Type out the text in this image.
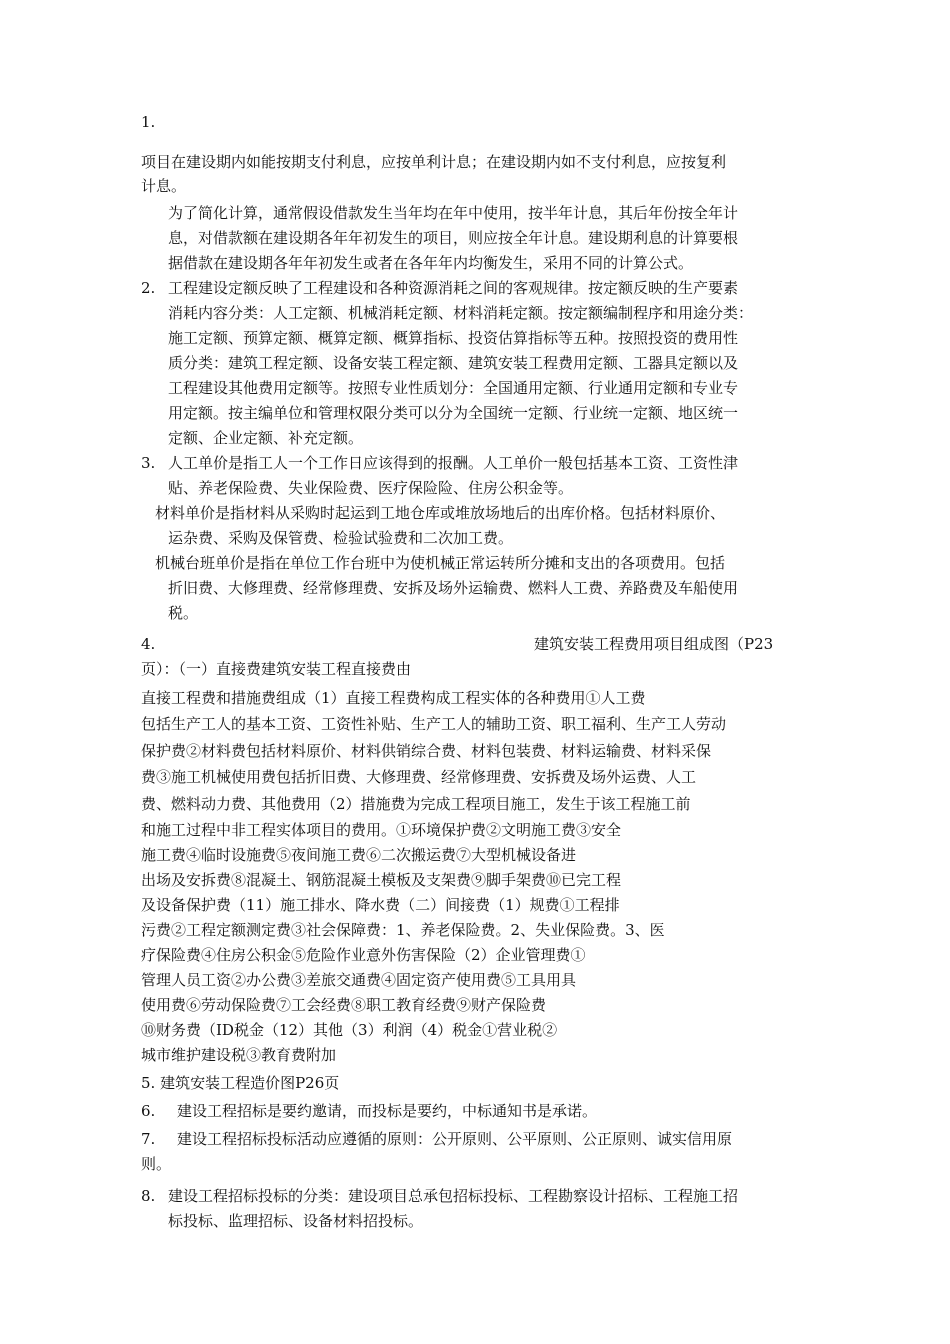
1.

项目在建设期内如能按期支付利息，应按单利计息；在建设期内如不支付利息，应按复利

计息。

为了简化计算，通常假设借款发生当年均在年中使用，按半年计息，其后年份按全年计

息，对借款额在建设期各年年初发生的项目，则应按全年计息。建设期利息的计算要根

据借款在建设期各年年初发生或者在各年年内均衡发生，采用不同的计算公式。

2. 工程建设定额反映了工程建设和各种资源消耗之间的客观规律。按定额反映的生产要素

消耗内容分类：人工定额、机械消耗定额、材料消耗定额。按定额编制程序和用途分类：

施工定额、预算定额、概算定额、概算指标、投资估算指标等五种。按照投资的费用性

质分类：建筑工程定额、设备安装工程定额、建筑安装工程费用定额、工器具定额以及

工程建设其他费用定额等。按照专业性质划分：全国通用定额、行业通用定额和专业专

用定额。按主编单位和管理权限分类可以分为全国统一定额、行业统一定额、地区统一

定额、企业定额、补充定额。

3. 人工单价是指工人一个工作日应该得到的报酬。人工单价一般包括基本工资、工资性津

贴、养老保险费、失业保险费、医疗保险险、住房公积金等。

材料单价是指材料从采购时起运到工地仓库或堆放场地后的出库价格。包括材料原价、

运杂费、采购及保管费、检验试验费和二次加工费。

机械台班单价是指在单位工作台班中为使机械正常运转所分摊和支出的各项费用。包括

折旧费、大修理费、经常修理费、安拆及场外运输费、燃料人工费、养路费及车船使用

税。

4.	建筑安装工程费用项目组成图（P23

页）：（一）直接费建筑安装工程直接费由

直接工程费和措施费组成（1）直接工程费构成工程实体的各种费用①人工费

包括生产工人的基本工资、工资性补贴、生产工人的辅助工资、职工福利、生产工人劳动

保护费②材料费包括材料原价、材料供销综合费、材料包装费、材料运输费、材料采保

费③施工机械使用费包括折旧费、大修理费、经常修理费、安拆费及场外运费、人工

费、燃料动力费、其他费用（2）措施费为完成工程项目施工，发生于该工程施工前

和施工过程中非工程实体项目的费用。①环境保护费②文明施工费③安全

施工费④临时设施费⑤夜间施工费⑥二次搬运费⑦大型机械设备进

出场及安拆费⑧混凝土、钢筋混凝土模板及支架费⑨脚手架费⑩已完工程

及设备保护费（11）施工排水、降水费（二）间接费（1）规费①工程排

污费②工程定额测定费③社会保障费：1、养老保险费。2、失业保险费。3、医

疗保险费④住房公积金⑤危险作业意外伤害保险（2）企业管理费①

管理人员工资②办公费③差旅交通费④固定资产使用费⑤工具用具

使用费⑥劳动保险费⑦工会经费⑧职工教育经费⑨财产保险费

⑩财务费（ID税金（12）其他（3）利润（4）税金①营业税②

城市维护建设税③教育费附加

5. 建筑安装工程造价图P26页

6. 建设工程招标是要约邀请，而投标是要约，中标通知书是承诺。

7. 建设工程招标投标活动应遵循的原则：公开原则、公平原则、公正原则、诚实信用原

则。

8. 建设工程招标投标的分类：建设项目总承包招标投标、工程勘察设计招标、工程施工招

标投标、监理招标、设备材料招投标。
